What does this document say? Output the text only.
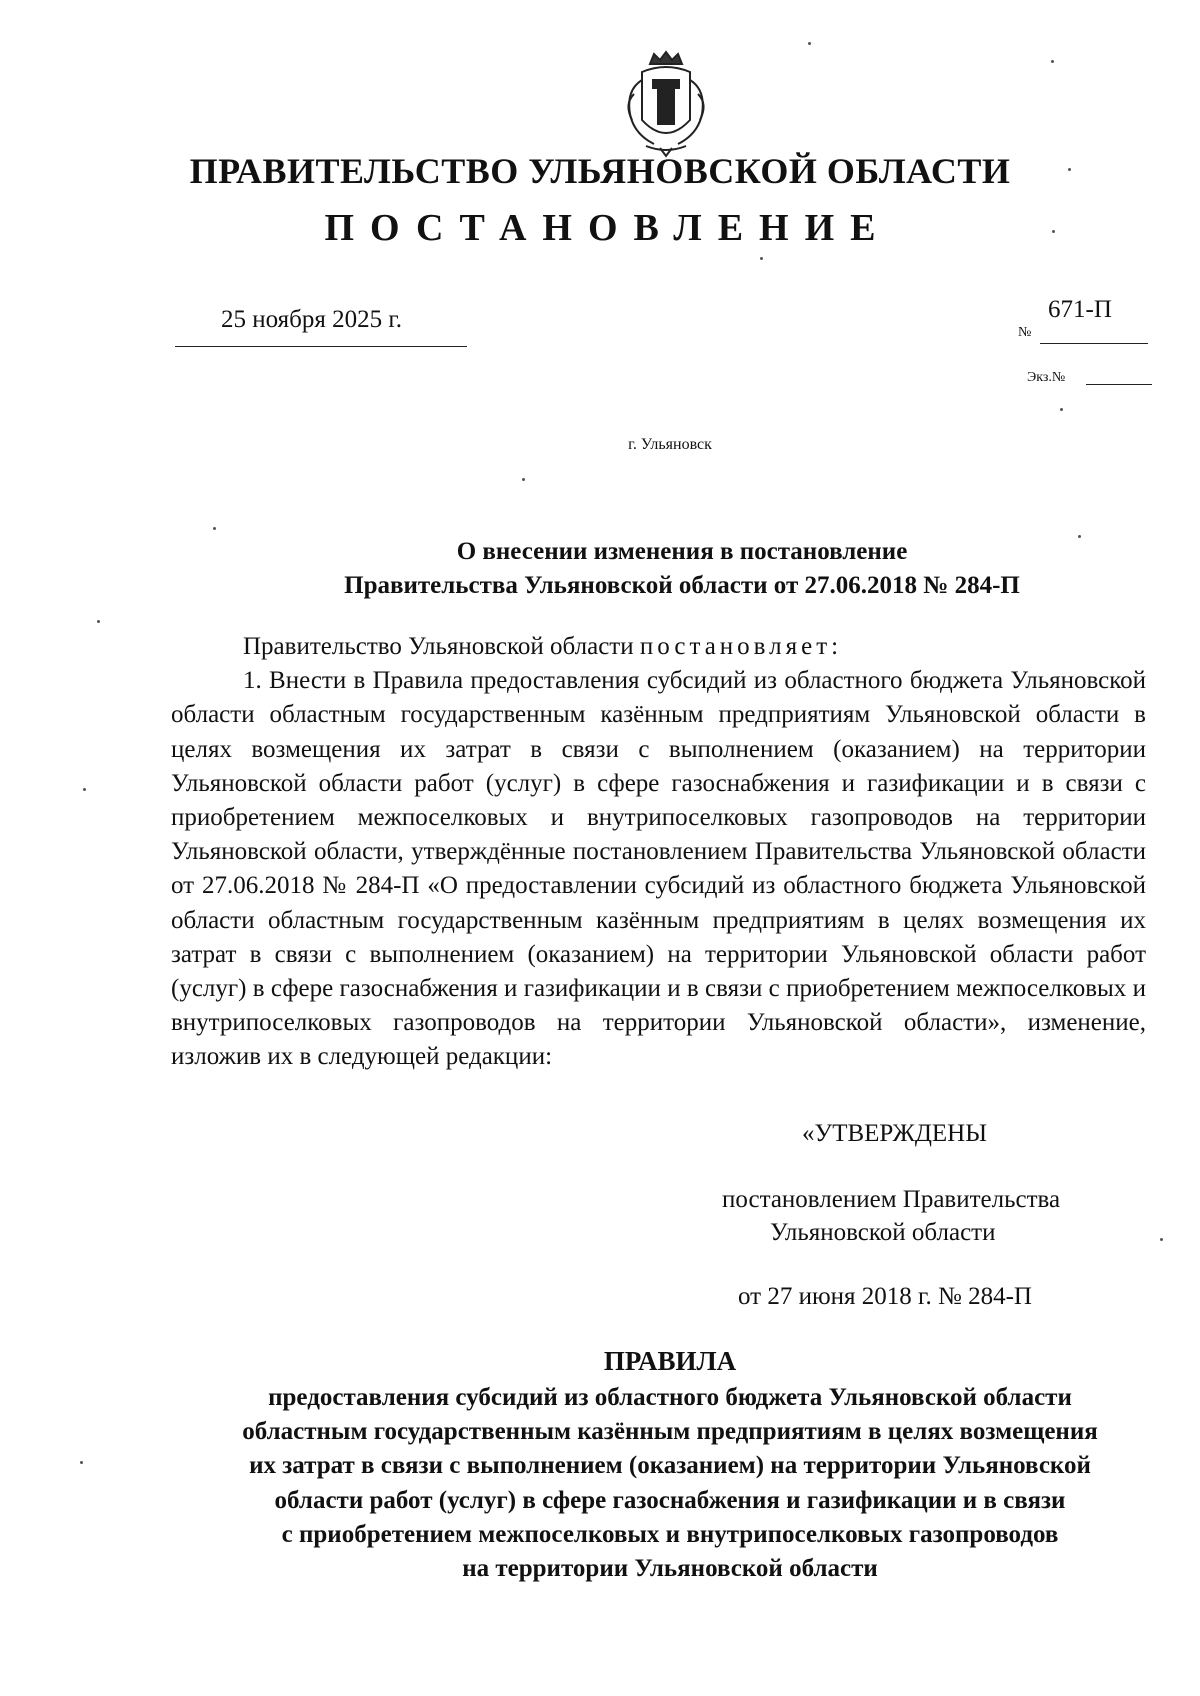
ПРАВИТЕЛЬСТВО УЛЬЯНОВСКОЙ ОБЛАСТИ
ПОСТАНОВЛЕНИЕ
25 ноября 2025 г.	671-П
№
Экз.№
г. Ульяновск
О внесении изменения в постановление
Правительства Ульяновской области от 27.06.2018 № 284-П

Правительство Ульяновской области постановляет:

1. Внести в Правила предоставления субсидий из областного бюджета Ульяновской области областным государственным казённым предприятиям Ульяновской области в целях возмещения их затрат в связи с выполнением (оказанием) на территории Ульяновской области работ (услуг) в сфере газоснабжения и газификации и в связи с приобретением межпоселковых и внутрипоселковых газопроводов на территории Ульяновской области, утверждённые постановлением Правительства Ульяновской области от 27.06.2018 № 284-П «О предоставлении субсидий из областного бюджета Ульяновской области областным государственным казённым предприятиям в целях возмещения их затрат в связи с выполнением (оказанием) на территории Ульяновской области работ (услуг) в сфере газоснабжения и газификации и в связи с приобретением межпоселковых и внутрипоселковых газопроводов на территории Ульяновской области», изменение, изложив их в следующей редакции:

«УТВЕРЖДЕНЫ
постановлением Правительства
Ульяновской области
от 27 июня 2018 г. № 284-П
ПРАВИЛА
предоставления субсидий из областного бюджета Ульяновской области
областным государственным казённым предприятиям в целях возмещения
их затрат в связи с выполнением (оказанием) на территории Ульяновской
области работ (услуг) в сфере газоснабжения и газификации и в связи
с приобретением межпоселковых и внутрипоселковых газопроводов
на территории Ульяновской области
